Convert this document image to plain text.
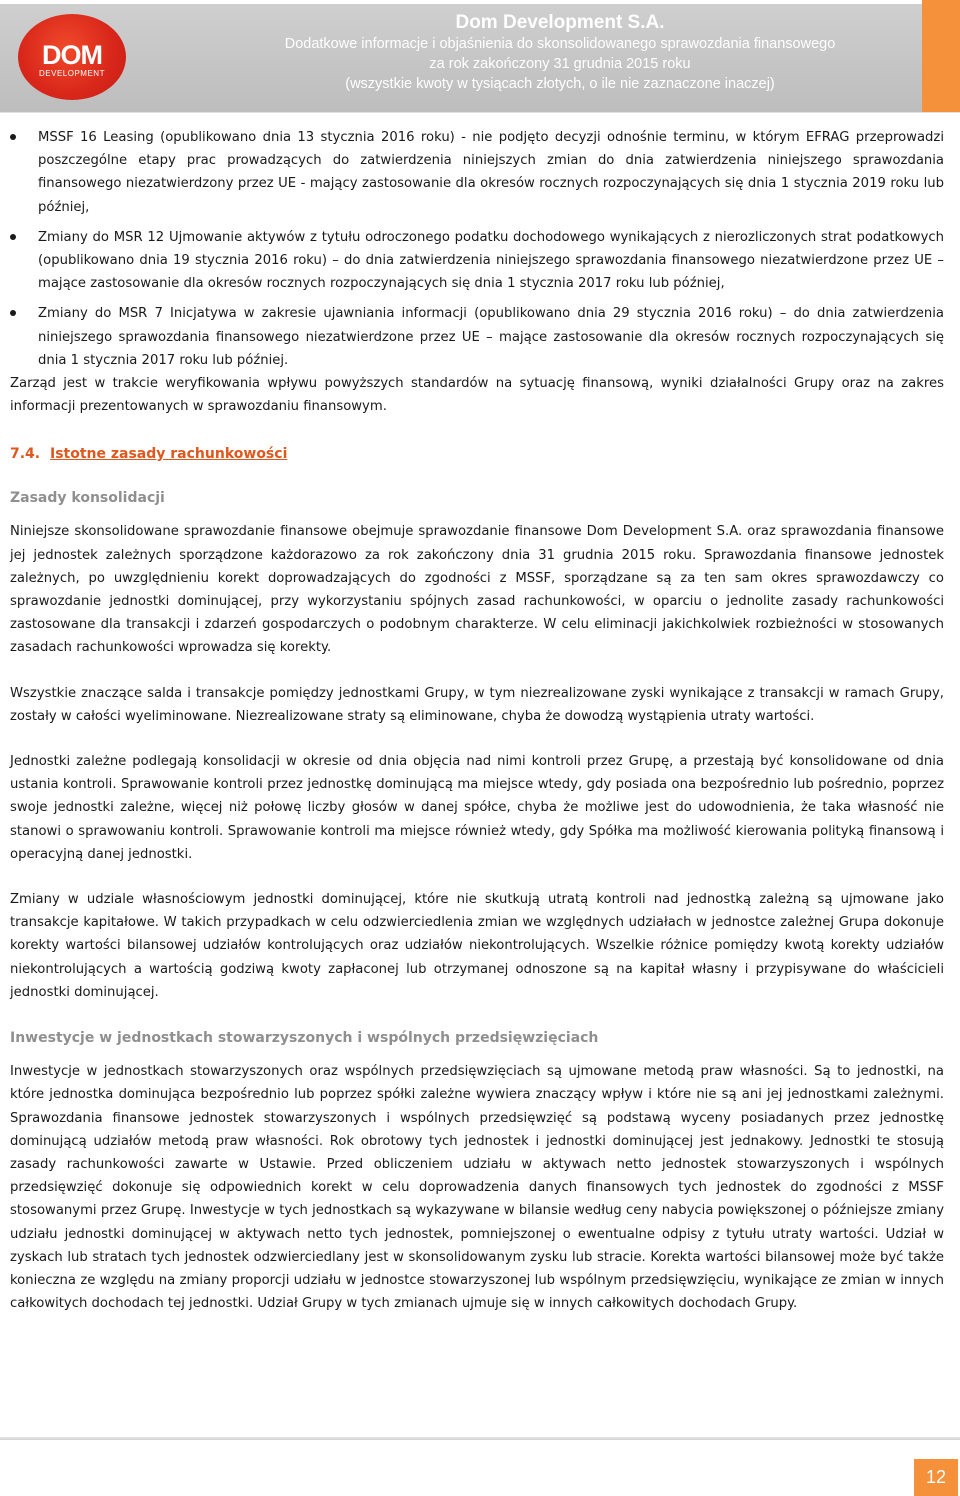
DOM
DEVELOPMENT
Dom Development S.A.
Dodatkowe informacje i objaśnienia do skonsolidowanego sprawozdania finansowego
za rok zakończony 31 grudnia 2015 roku
(wszystkie kwoty w tysiącach złotych, o ile nie zaznaczone inaczej)
MSSF 16 Leasing (opublikowano dnia 13 stycznia 2016 roku) - nie podjęto decyzji odnośnie terminu, w którym EFRAG przeprowadzi poszczególne etapy prac prowadzących do zatwierdzenia niniejszych zmian do dnia zatwierdzenia niniejszego sprawozdania finansowego niezatwierdzony przez UE - mający zastosowanie dla okresów rocznych rozpoczynających się dnia 1 stycznia 2019 roku lub później,
Zmiany do MSR 12 Ujmowanie aktywów z tytułu odroczonego podatku dochodowego wynikających z nierozliczonych strat podatkowych (opublikowano dnia 19 stycznia 2016 roku) – do dnia zatwierdzenia niniejszego sprawozdania finansowego niezatwierdzone przez UE – mające zastosowanie dla okresów rocznych rozpoczynających się dnia 1 stycznia 2017 roku lub później,
Zmiany do MSR 7 Inicjatywa w zakresie ujawniania informacji (opublikowano dnia 29 stycznia 2016 roku) – do dnia zatwierdzenia niniejszego sprawozdania finansowego niezatwierdzone przez UE – mające zastosowanie dla okresów rocznych rozpoczynających się dnia 1 stycznia 2017 roku lub później.

Zarząd jest w trakcie weryfikowania wpływu powyższych standardów na sytuację finansową, wyniki działalności Grupy oraz na zakres informacji prezentowanych w sprawozdaniu finansowym.

7.4. Istotne zasady rachunkowości
Zasady konsolidacji

Niniejsze skonsolidowane sprawozdanie finansowe obejmuje sprawozdanie finansowe Dom Development S.A. oraz sprawozdania finansowe jej jednostek zależnych sporządzone każdorazowo za rok zakończony dnia 31 grudnia 2015 roku. Sprawozdania finansowe jednostek zależnych, po uwzględnieniu korekt doprowadzających do zgodności z MSSF, sporządzane są za ten sam okres sprawozdawczy co sprawozdanie jednostki dominującej, przy wykorzystaniu spójnych zasad rachunkowości, w oparciu o jednolite zasady rachunkowości zastosowane dla transakcji i zdarzeń gospodarczych o podobnym charakterze. W celu eliminacji jakichkolwiek rozbieżności w stosowanych zasadach rachunkowości wprowadza się korekty.

Wszystkie znaczące salda i transakcje pomiędzy jednostkami Grupy, w tym niezrealizowane zyski wynikające z transakcji w ramach Grupy, zostały w całości wyeliminowane. Niezrealizowane straty są eliminowane, chyba że dowodzą wystąpienia utraty wartości.

Jednostki zależne podlegają konsolidacji w okresie od dnia objęcia nad nimi kontroli przez Grupę, a przestają być konsolidowane od dnia ustania kontroli. Sprawowanie kontroli przez jednostkę dominującą ma miejsce wtedy, gdy posiada ona bezpośrednio lub pośrednio, poprzez swoje jednostki zależne, więcej niż połowę liczby głosów w danej spółce, chyba że możliwe jest do udowodnienia, że taka własność nie stanowi o sprawowaniu kontroli. Sprawowanie kontroli ma miejsce również wtedy, gdy Spółka ma możliwość kierowania polityką finansową i operacyjną danej jednostki.

Zmiany w udziale własnościowym jednostki dominującej, które nie skutkują utratą kontroli nad jednostką zależną są ujmowane jako transakcje kapitałowe. W takich przypadkach w celu odzwierciedlenia zmian we względnych udziałach w jednostce zależnej Grupa dokonuje korekty wartości bilansowej udziałów kontrolujących oraz udziałów niekontrolujących. Wszelkie różnice pomiędzy kwotą korekty udziałów niekontrolujących a wartością godziwą kwoty zapłaconej lub otrzymanej odnoszone są na kapitał własny i przypisywane do właścicieli jednostki dominującej.

Inwestycje w jednostkach stowarzyszonych i wspólnych przedsięwzięciach

Inwestycje w jednostkach stowarzyszonych oraz wspólnych przedsięwzięciach są ujmowane metodą praw własności. Są to jednostki, na które jednostka dominująca bezpośrednio lub poprzez spółki zależne wywiera znaczący wpływ i które nie są ani jej jednostkami zależnymi. Sprawozdania finansowe jednostek stowarzyszonych i wspólnych przedsięwzięć są podstawą wyceny posiadanych przez jednostkę dominującą udziałów metodą praw własności. Rok obrotowy tych jednostek i jednostki dominującej jest jednakowy. Jednostki te stosują zasady rachunkowości zawarte w Ustawie. Przed obliczeniem udziału w aktywach netto jednostek stowarzyszonych i wspólnych przedsięwzięć dokonuje się odpowiednich korekt w celu doprowadzenia danych finansowych tych jednostek do zgodności z MSSF stosowanymi przez Grupę. Inwestycje w tych jednostkach są wykazywane w bilansie według ceny nabycia powiększonej o późniejsze zmiany udziału jednostki dominującej w aktywach netto tych jednostek, pomniejszonej o ewentualne odpisy z tytułu utraty wartości. Udział w zyskach lub stratach tych jednostek odzwierciedlany jest w skonsolidowanym zysku lub stracie. Korekta wartości bilansowej może być także konieczna ze względu na zmiany proporcji udziału w jednostce stowarzyszonej lub wspólnym przedsięwzięciu, wynikające ze zmian w innych całkowitych dochodach tej jednostki. Udział Grupy w tych zmianach ujmuje się w innych całkowitych dochodach Grupy.

12
